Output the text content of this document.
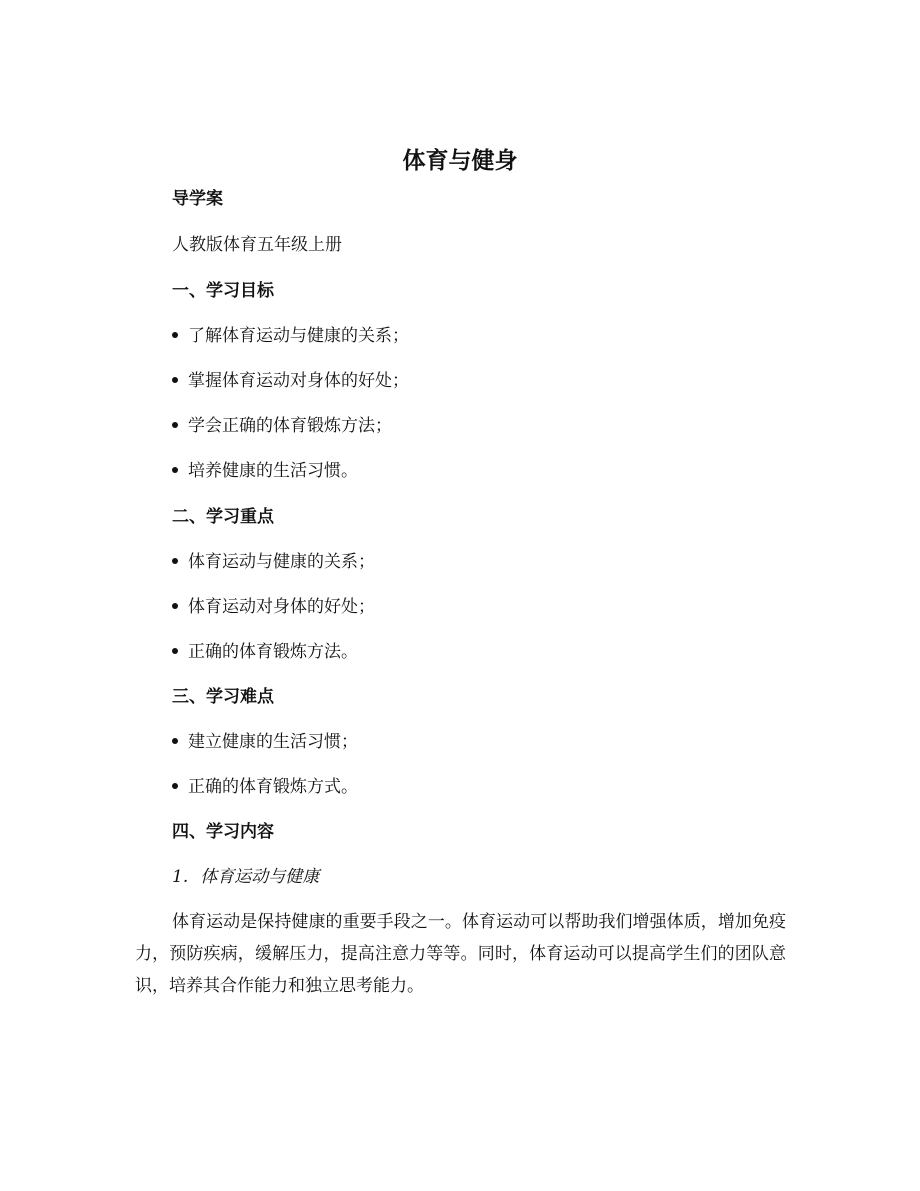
体育与健身
导学案
人教版体育五年级上册
一、学习目标
了解体育运动与健康的关系；
掌握体育运动对身体的好处；
学会正确的体育锻炼方法；
培养健康的生活习惯。
二、学习重点
体育运动与健康的关系；
体育运动对身体的好处；
正确的体育锻炼方法。
三、学习难点
建立健康的生活习惯；
正确的体育锻炼方式。
四、学习内容
1. 体育运动与健康
体育运动是保持健康的重要手段之一。体育运动可以帮助我们增强体质，增加免疫力，预防疾病，缓解压力，提高注意力等等。同时，体育运动可以提高学生们的团队意识，培养其合作能力和独立思考能力。
